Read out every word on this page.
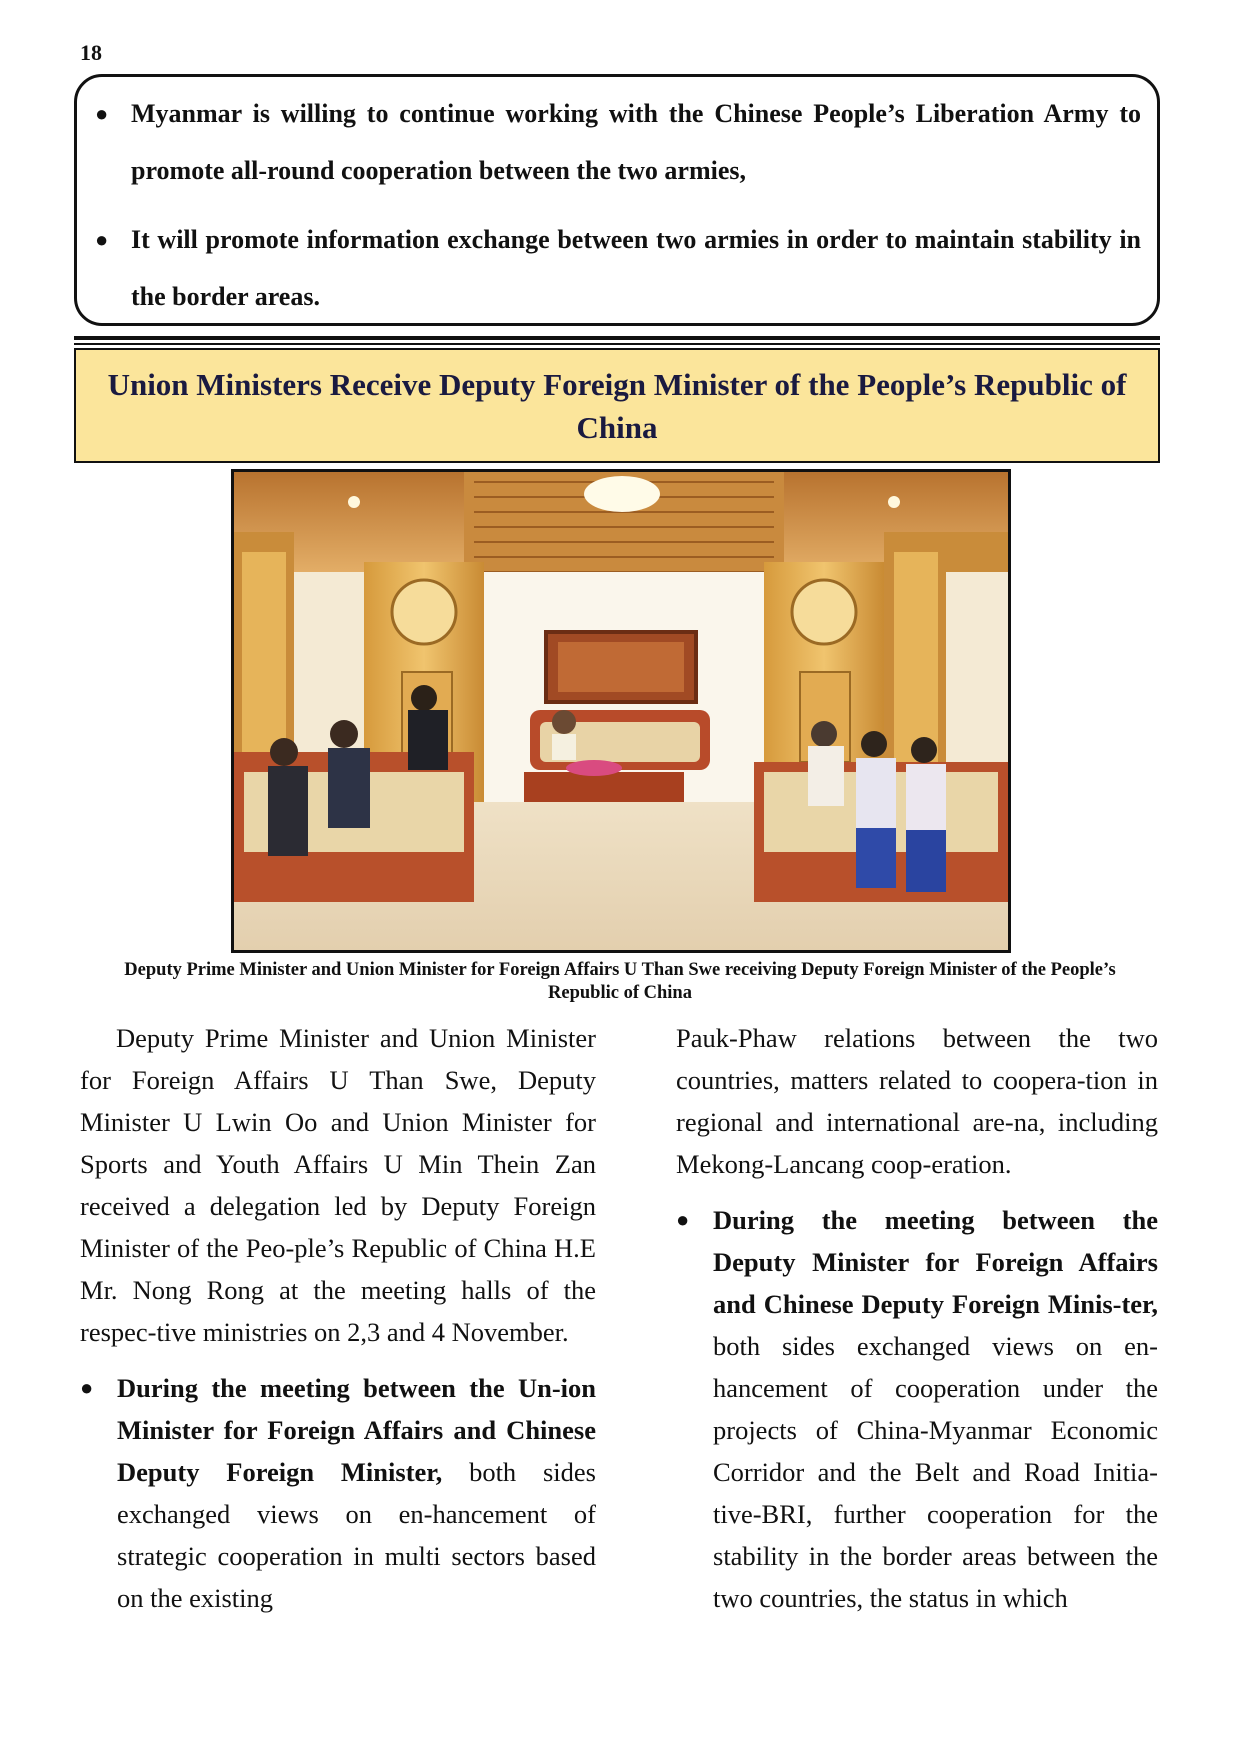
18
● Myanmar is willing to continue working with the Chinese People’s Liberation Army to promote all-round cooperation between the two armies,
● It will promote information exchange between two armies in order to maintain stability in the border areas.
Union Ministers Receive Deputy Foreign Minister of the People’s Republic of China
Deputy Prime Minister and Union Minister for Foreign Affairs U Than Swe receiving Deputy Foreign Minister of the People’s Republic of China

Deputy Prime Minister and Union Minister for Foreign Affairs U Than Swe, Deputy Minister U Lwin Oo and Union Minister for Sports and Youth Affairs U Min Thein Zan received a delegation led by Deputy Foreign Minister of the Peo-ple’s Republic of China H.E Mr. Nong Rong at the meeting halls of the respec-tive ministries on 2,3 and 4 November.

● During the meeting between the Un-ion Minister for Foreign Affairs and Chinese Deputy Foreign Minister, both sides exchanged views on en-hancement of strategic cooperation in multi sectors based on the existing

Pauk-Phaw relations between the two countries, matters related to coopera-tion in regional and international are-na, including Mekong-Lancang coop-eration.

● During the meeting between the Deputy Minister for Foreign Affairs and Chinese Deputy Foreign Minis-ter, both sides exchanged views on en-hancement of cooperation under the projects of China-Myanmar Economic Corridor and the Belt and Road Initia-tive-BRI, further cooperation for the stability in the border areas between the two countries, the status in which
